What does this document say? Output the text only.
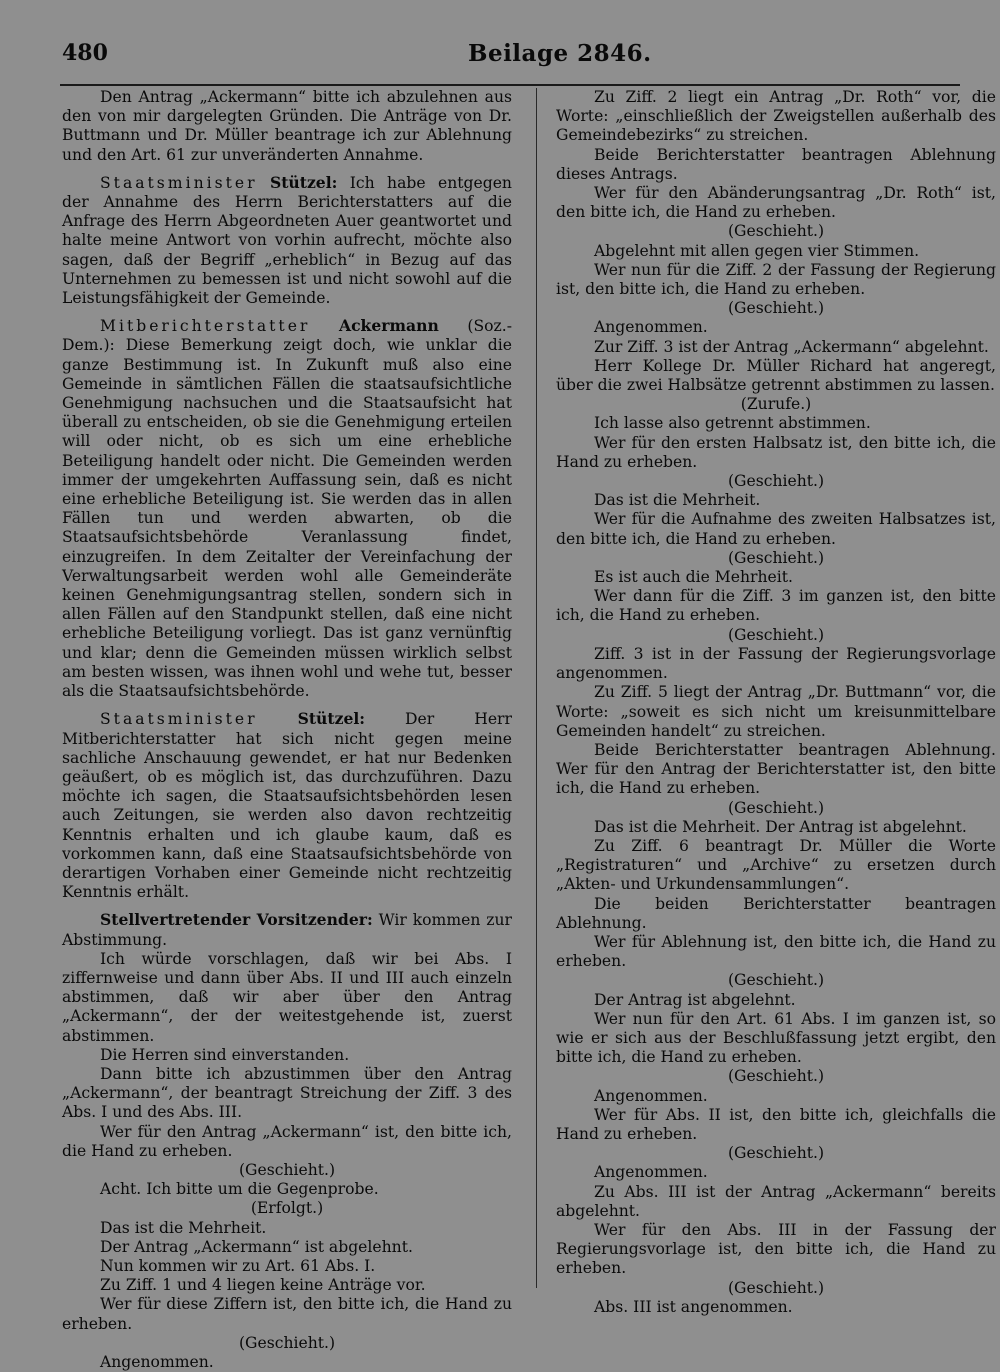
480	Beilage 2846.

Den Antrag „Ackermann“ bitte ich abzulehnen aus den von mir dargelegten Gründen. Die Anträge von Dr. Buttmann und Dr. Müller beantrage ich zur Ablehnung und den Art. 61 zur unveränderten Annahme.

Staatsminister Stützel: Ich habe entgegen der Annahme des Herrn Berichterstatters auf die Anfrage des Herrn Abgeordneten Auer geantwortet und halte meine Antwort von vorhin aufrecht, möchte also sagen, daß der Begriff „erheblich“ in Bezug auf das Unternehmen zu bemessen ist und nicht sowohl auf die Leistungsfähigkeit der Gemeinde.

Mitberichterstatter Ackermann (Soz.-Dem.): Diese Bemerkung zeigt doch, wie unklar die ganze Bestimmung ist. In Zukunft muß also eine Gemeinde in sämtlichen Fällen die staatsaufsichtliche Genehmigung nachsuchen und die Staatsaufsicht hat überall zu entscheiden, ob sie die Genehmigung erteilen will oder nicht, ob es sich um eine erhebliche Beteiligung handelt oder nicht. Die Gemeinden werden immer der umgekehrten Auffassung sein, daß es nicht eine erhebliche Beteiligung ist. Sie werden das in allen Fällen tun und werden abwarten, ob die Staatsaufsichtsbehörde Veranlassung findet, einzugreifen. In dem Zeitalter der Vereinfachung der Verwaltungsarbeit werden wohl alle Gemeinderäte keinen Genehmigungsantrag stellen, sondern sich in allen Fällen auf den Standpunkt stellen, daß eine nicht erhebliche Beteiligung vorliegt. Das ist ganz vernünftig und klar; denn die Gemeinden müssen wirklich selbst am besten wissen, was ihnen wohl und wehe tut, besser als die Staatsaufsichtsbehörde.

Staatsminister	Stützel:	Der Herr Mitberichterstatter hat sich nicht gegen meine sachliche Anschauung gewendet, er hat nur Bedenken geäußert, ob es möglich ist, das durchzuführen. Dazu möchte ich sagen, die Staatsaufsichtsbehörden lesen auch Zeitungen, sie werden also davon rechtzeitig Kenntnis erhalten und ich glaube kaum, daß es vorkommen kann, daß eine Staatsaufsichtsbehörde von derartigen Vorhaben einer Gemeinde nicht rechtzeitig Kenntnis erhält.

Stellvertretender Vorsitzender: Wir kommen zur Abstimmung.

Ich würde vorschlagen, daß wir bei Abs. I ziffernweise und dann über Abs. II und III auch einzeln abstimmen, daß wir aber über den Antrag „Ackermann“, der der weitestgehende ist, zuerst abstimmen.

Die Herren sind einverstanden.

Dann bitte ich abzustimmen über den Antrag „Ackermann“, der beantragt Streichung der Ziff. 3 des Abs. I und des Abs. III.

Wer für den Antrag „Ackermann“ ist, den bitte ich, die Hand zu erheben.

(Geschieht.)

Acht. Ich bitte um die Gegenprobe.

(Erfolgt.)

Das ist die Mehrheit.

Der Antrag „Ackermann“ ist abgelehnt.

Nun kommen wir zu Art. 61 Abs. I.

Zu Ziff. 1 und 4 liegen keine Anträge vor.

Wer für diese Ziffern ist, den bitte ich, die Hand zu erheben.

(Geschieht.)

Angenommen.

Zu Ziff. 2 liegt ein Antrag „Dr. Roth“ vor, die Worte: „einschließlich der Zweigstellen außerhalb des Gemeindebezirks“ zu streichen.

Beide Berichterstatter beantragen Ablehnung dieses Antrags.

Wer für den Abänderungsantrag „Dr. Roth“ ist, den bitte ich, die Hand zu erheben.

(Geschieht.)

Abgelehnt mit allen gegen vier Stimmen.

Wer nun für die Ziff. 2 der Fassung der Regierung ist, den bitte ich, die Hand zu erheben.

(Geschieht.)

Angenommen.

Zur Ziff. 3 ist der Antrag „Ackermann“ abgelehnt.

Herr Kollege Dr. Müller Richard hat angeregt, über die zwei Halbsätze getrennt abstimmen zu lassen.

(Zurufe.)

Ich lasse also getrennt abstimmen.

Wer für den ersten Halbsatz ist, den bitte ich, die Hand zu erheben.

(Geschieht.)

Das ist die Mehrheit.

Wer für die Aufnahme des zweiten Halbsatzes ist, den bitte ich, die Hand zu erheben.

(Geschieht.)

Es ist auch die Mehrheit.

Wer dann für die Ziff. 3 im ganzen ist, den bitte ich, die Hand zu erheben.

(Geschieht.)

Ziff. 3 ist in der Fassung der Regierungsvorlage angenommen.

Zu Ziff. 5 liegt der Antrag „Dr. Buttmann“ vor, die Worte: „soweit es sich nicht um kreisunmittelbare Gemeinden handelt“ zu streichen.

Beide Berichterstatter beantragen Ablehnung. Wer für den Antrag der Berichterstatter ist, den bitte ich, die Hand zu erheben.

(Geschieht.)

Das ist die Mehrheit. Der Antrag ist abgelehnt.

Zu Ziff. 6 beantragt Dr. Müller die Worte „Registraturen“ und „Archive“ zu ersetzen durch „Akten- und Urkundensammlungen“.

Die beiden Berichterstatter beantragen Ablehnung.

Wer für Ablehnung ist, den bitte ich, die Hand zu erheben.

(Geschieht.)

Der Antrag ist abgelehnt.

Wer nun für den Art. 61 Abs. I im ganzen ist, so wie er sich aus der Beschlußfassung jetzt ergibt, den bitte ich, die Hand zu erheben.

(Geschieht.)

Angenommen.

Wer für Abs. II ist, den bitte ich, gleichfalls die Hand zu erheben.

(Geschieht.)

Angenommen.

Zu Abs. III ist der Antrag „Ackermann“ bereits abgelehnt.

Wer für den Abs. III in der Fassung der Regierungsvorlage ist, den bitte ich, die Hand zu erheben.

(Geschieht.)

Abs. III ist angenommen.
